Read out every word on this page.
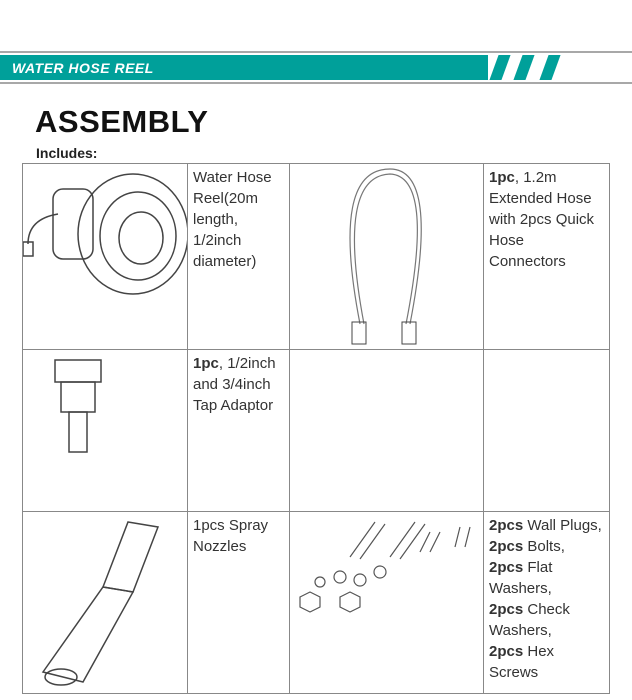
WATER HOSE REEL
ASSEMBLY
Includes:
	Water Hose Reel(20m length, 1/2inch diameter)		1pc, 1.2m Extended Hose with 2pcs Quick Hose Connectors

	1pc, 1/2inch and 3/4inch Tap Adaptor		

	1pcs Spray Nozzles		2pcs Wall Plugs,
2pcs Bolts,
2pcs Flat Washers,
2pcs Check Washers,
2pcs Hex Screws
